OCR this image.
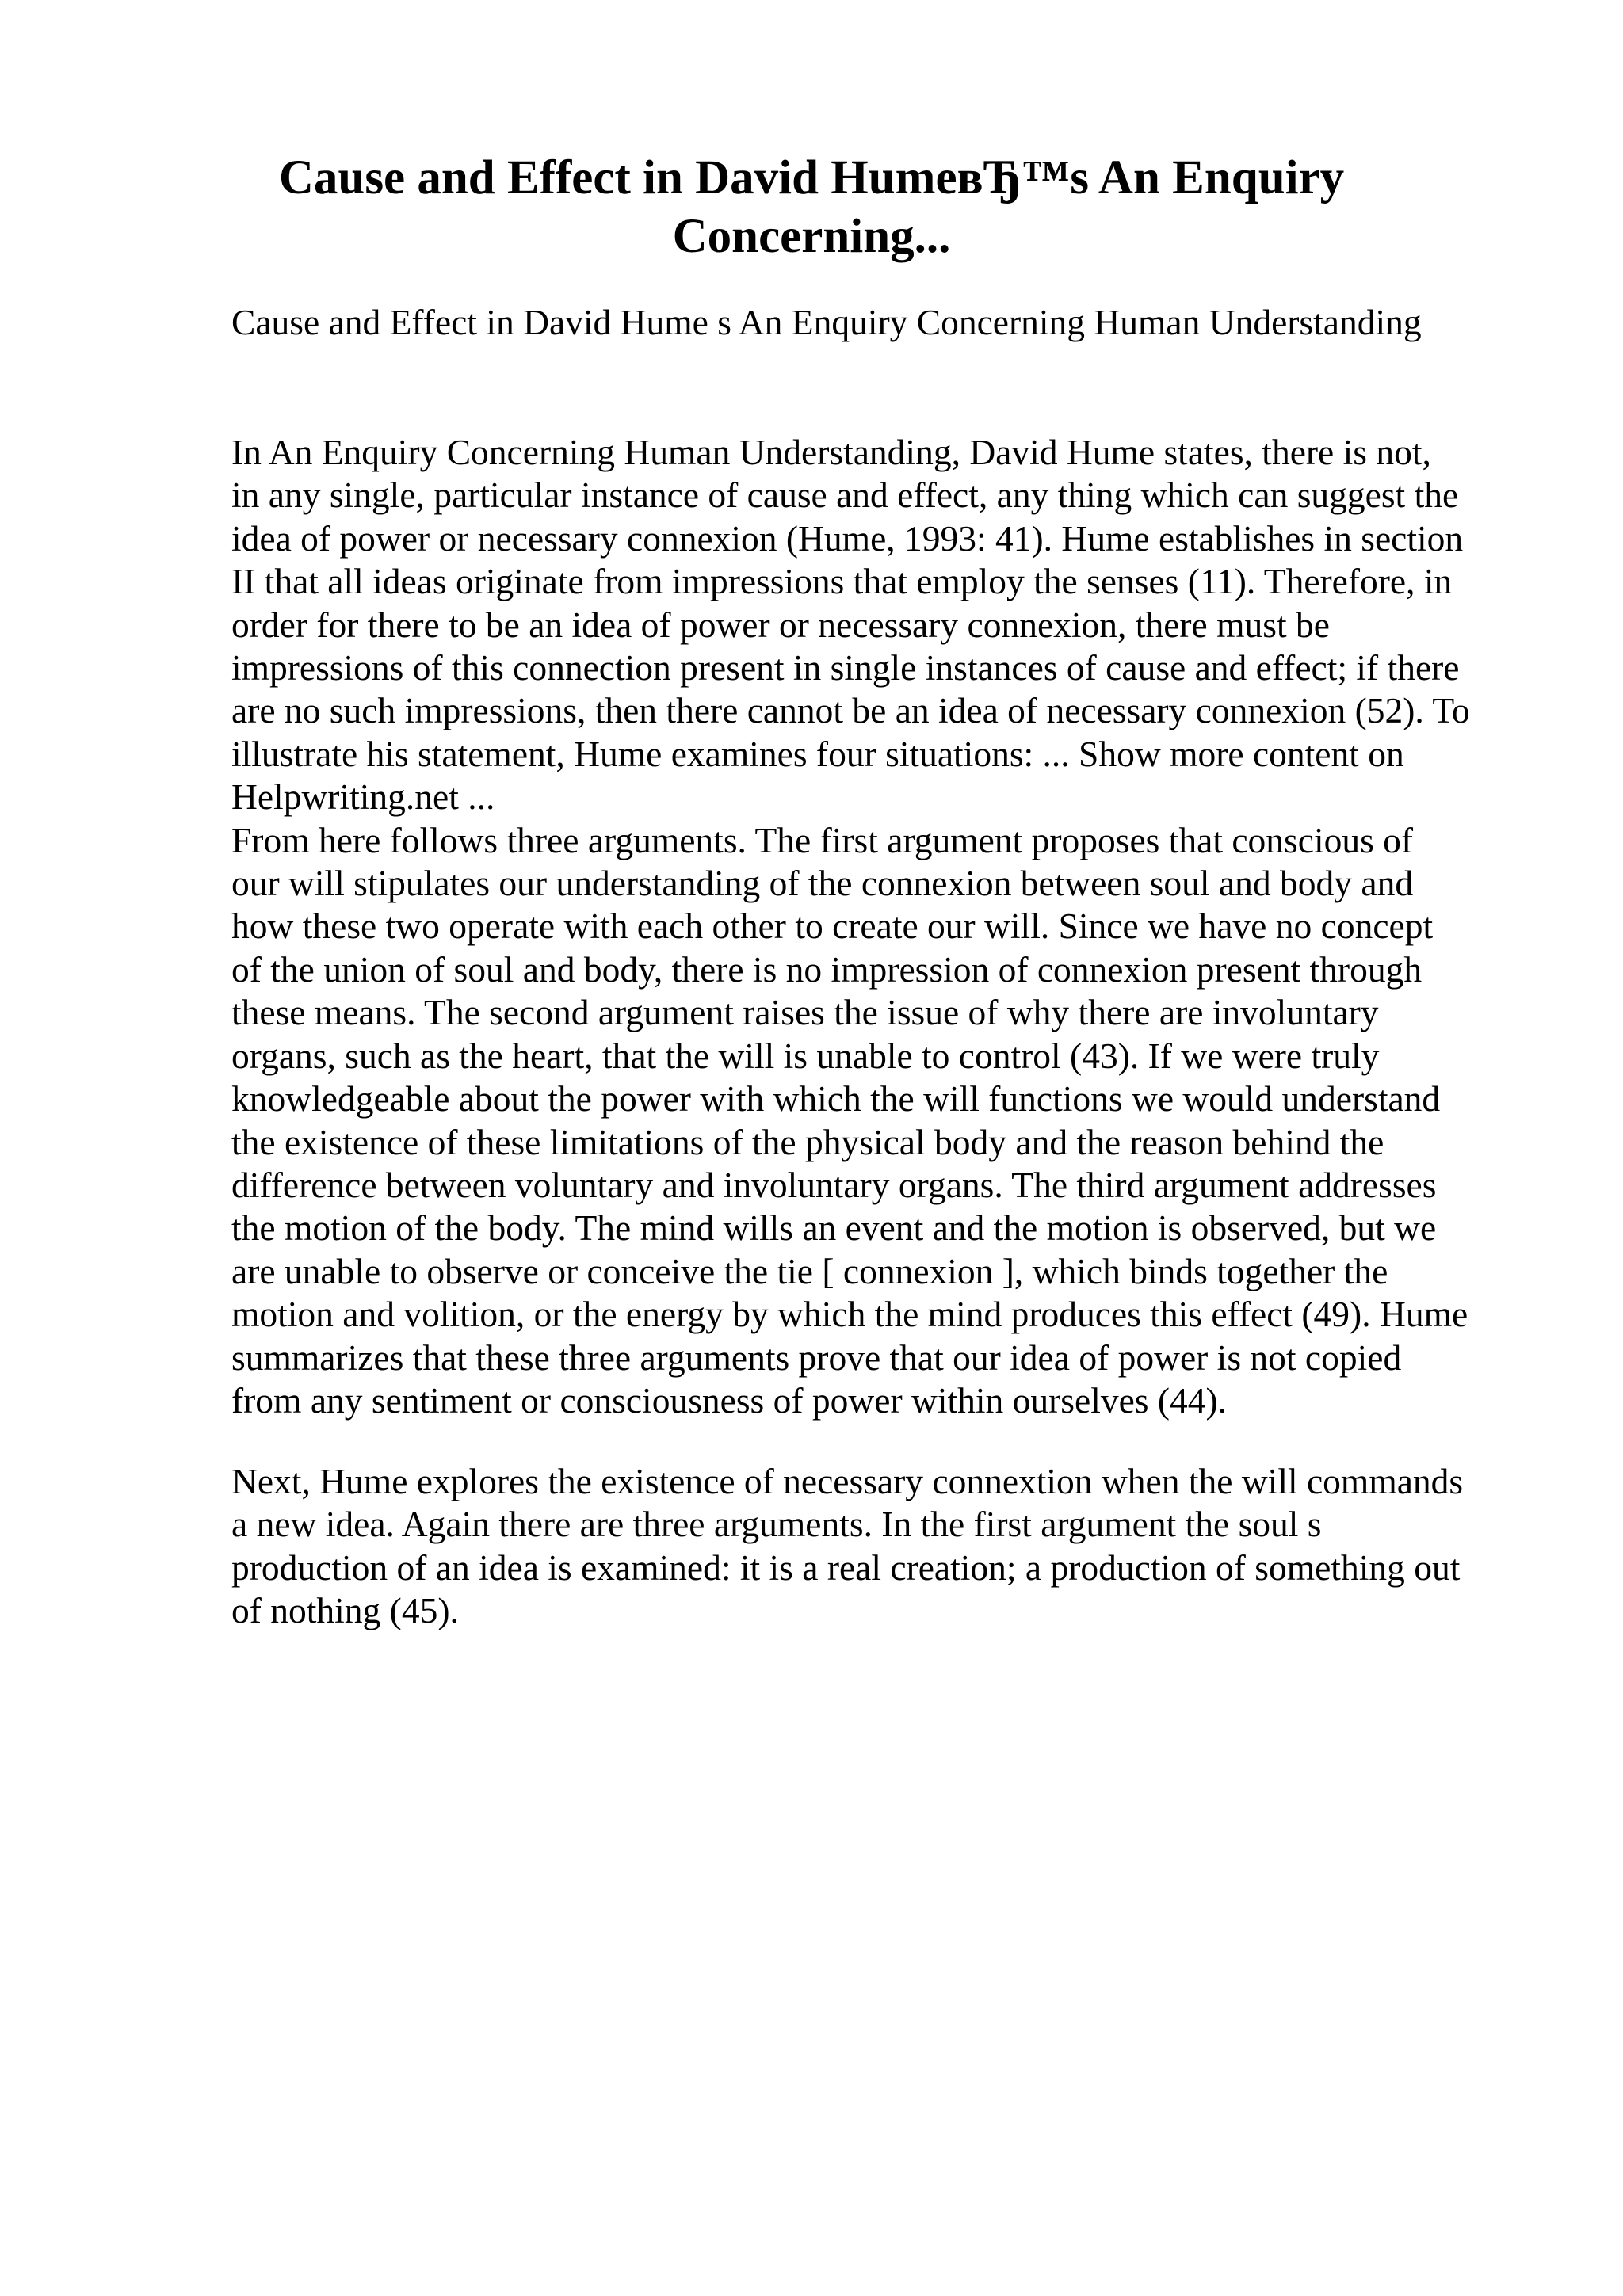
Cause and Effect in David HumeвЂ™s An Enquiry
Concerning...

Cause and Effect in David Hume s An Enquiry Concerning Human Understanding

In An Enquiry Concerning Human Understanding, David Hume states, there is not,
in any single, particular instance of cause and effect, any thing which can suggest the
idea of power or necessary connexion (Hume, 1993: 41). Hume establishes in section
II that all ideas originate from impressions that employ the senses (11). Therefore, in
order for there to be an idea of power or necessary connexion, there must be
impressions of this connection present in single instances of cause and effect; if there
are no such impressions, then there cannot be an idea of necessary connexion (52). To
illustrate his statement, Hume examines four situations: ... Show more content on
Helpwriting.net ...
From here follows three arguments. The first argument proposes that conscious of
our will stipulates our understanding of the connexion between soul and body and
how these two operate with each other to create our will. Since we have no concept
of the union of soul and body, there is no impression of connexion present through
these means. The second argument raises the issue of why there are involuntary
organs, such as the heart, that the will is unable to control (43). If we were truly
knowledgeable about the power with which the will functions we would understand
the existence of these limitations of the physical body and the reason behind the
difference between voluntary and involuntary organs. The third argument addresses
the motion of the body. The mind wills an event and the motion is observed, but we
are unable to observe or conceive the tie [ connexion ], which binds together the
motion and volition, or the energy by which the mind produces this effect (49). Hume
summarizes that these three arguments prove that our idea of power is not copied
from any sentiment or consciousness of power within ourselves (44).

Next, Hume explores the existence of necessary connextion when the will commands
a new idea. Again there are three arguments. In the first argument the soul s
production of an idea is examined: it is a real creation; a production of something out
of nothing (45).
